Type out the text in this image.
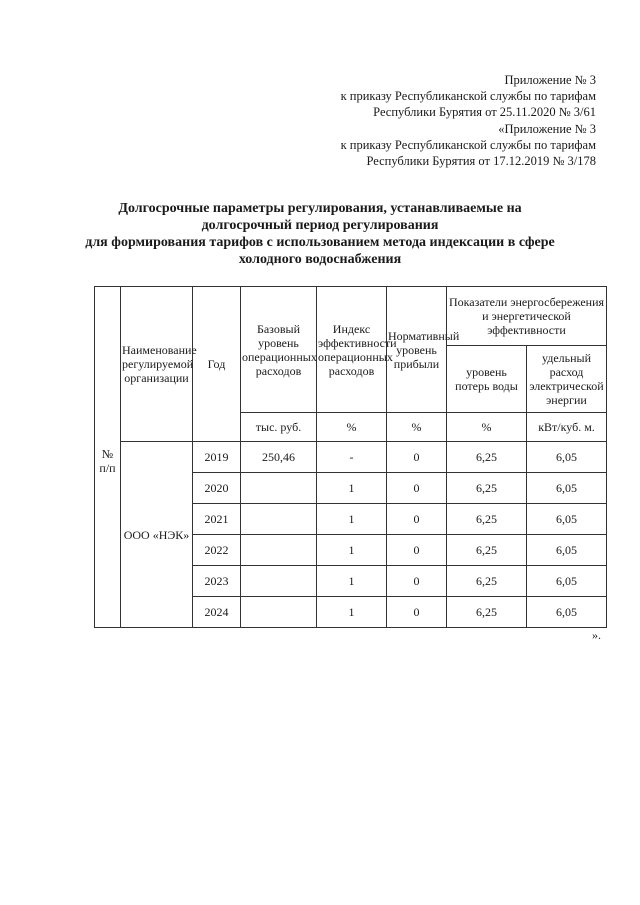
Приложение № 3
к приказу Республиканской службы по тарифам
Республики Бурятия от 25.11.2020 № 3/61
«Приложение № 3
к приказу Республиканской службы по тарифам
Республики Бурятия от 17.12.2019 № 3/178
Долгосрочные параметры регулирования, устанавливаемые на
долгосрочный период регулирования
для формирования тарифов с использованием метода индексации в сфере
холодного водоснабжения
№ п/п	Наименование регулируемой организации	Год	Базовый уровень операционных расходов	Индекс эффективности операционных расходов	Нормативный уровень прибыли	Показатели энергосбережения и энергетической эффективности	
						уровень потерь воды	удельный расход электрической энергии
			тыс. руб.	%	%	%	кВт/куб. м.
	ООО «НЭК»	2019	250,46	-	0	6,25	6,05
		2020		1	0	6,25	6,05
		2021		1	0	6,25	6,05
		2022		1	0	6,25	6,05
		2023		1	0	6,25	6,05
		2024		1	0	6,25	6,05
».
